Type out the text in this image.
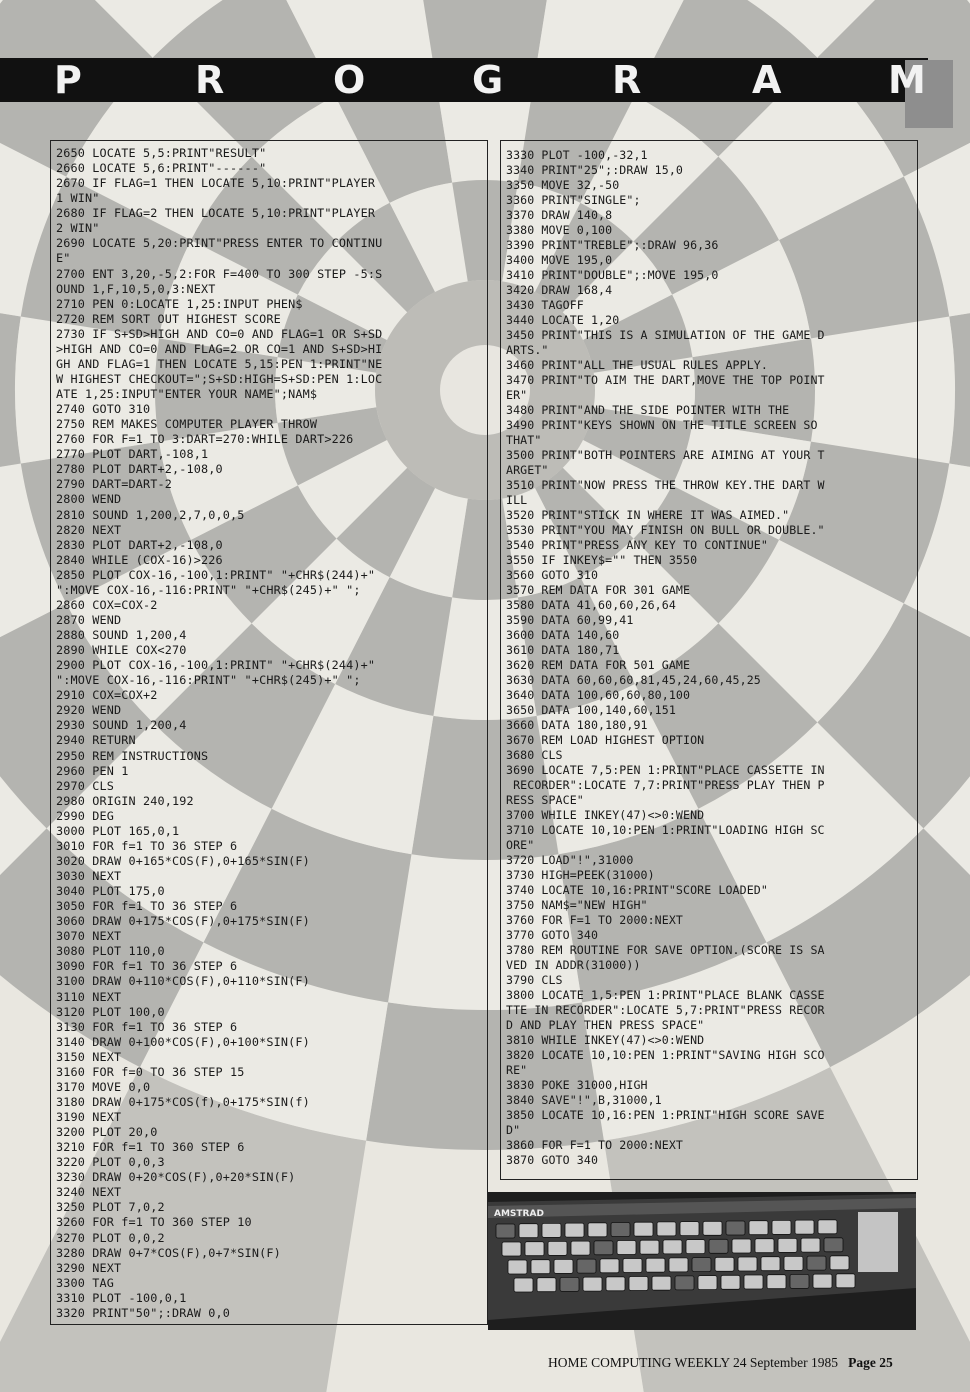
P	R	O	G	R	A	M
2650 LOCATE 5,5:PRINT"RESULT"
2660 LOCATE 5,6:PRINT"------"
2670 IF FLAG=1 THEN LOCATE 5,10:PRINT"PLAYER
1 WIN"
2680 IF FLAG=2 THEN LOCATE 5,10:PRINT"PLAYER
2 WIN"
2690 LOCATE 5,20:PRINT"PRESS ENTER TO CONTINU
E"
2700 ENT 3,20,-5,2:FOR F=400 TO 300 STEP -5:S
OUND 1,F,10,5,0,3:NEXT
2710 PEN 0:LOCATE 1,25:INPUT PHEN$
2720 REM SORT OUT HIGHEST SCORE
2730 IF S+SD>HIGH AND CO=0 AND FLAG=1 OR S+SD
>HIGH AND CO=0 AND FLAG=2 OR CO=1 AND S+SD>HI
GH AND FLAG=1 THEN LOCATE 5,15:PEN 1:PRINT"NE
W HIGHEST CHECKOUT=";S+SD:HIGH=S+SD:PEN 1:LOC
ATE 1,25:INPUT"ENTER YOUR NAME";NAM$
2740 GOTO 310
2750 REM MAKES COMPUTER PLAYER THROW
2760 FOR F=1 TO 3:DART=270:WHILE DART>226
2770 PLOT DART,-108,1
2780 PLOT DART+2,-108,0
2790 DART=DART-2
2800 WEND
2810 SOUND 1,200,2,7,0,0,5
2820 NEXT
2830 PLOT DART+2,-108,0
2840 WHILE (COX-16)>226
2850 PLOT COX-16,-100,1:PRINT" "+CHR$(244)+"
":MOVE COX-16,-116:PRINT" "+CHR$(245)+" ";
2860 COX=COX-2
2870 WEND
2880 SOUND 1,200,4
2890 WHILE COX<270
2900 PLOT COX-16,-100,1:PRINT" "+CHR$(244)+"
":MOVE COX-16,-116:PRINT" "+CHR$(245)+" ";
2910 COX=COX+2
2920 WEND
2930 SOUND 1,200,4
2940 RETURN
2950 REM INSTRUCTIONS
2960 PEN 1
2970 CLS
2980 ORIGIN 240,192
2990 DEG
3000 PLOT 165,0,1
3010 FOR f=1 TO 36 STEP 6
3020 DRAW 0+165*COS(F),0+165*SIN(F)
3030 NEXT
3040 PLOT 175,0
3050 FOR f=1 TO 36 STEP 6
3060 DRAW 0+175*COS(F),0+175*SIN(F)
3070 NEXT
3080 PLOT 110,0
3090 FOR f=1 TO 36 STEP 6
3100 DRAW 0+110*COS(F),0+110*SIN(F)
3110 NEXT
3120 PLOT 100,0
3130 FOR f=1 TO 36 STEP 6
3140 DRAW 0+100*COS(F),0+100*SIN(F)
3150 NEXT
3160 FOR f=0 TO 36 STEP 15
3170 MOVE 0,0
3180 DRAW 0+175*COS(f),0+175*SIN(f)
3190 NEXT
3200 PLOT 20,0
3210 FOR f=1 TO 360 STEP 6
3220 PLOT 0,0,3
3230 DRAW 0+20*COS(F),0+20*SIN(F)
3240 NEXT
3250 PLOT 7,0,2
3260 FOR f=1 TO 360 STEP 10
3270 PLOT 0,0,2
3280 DRAW 0+7*COS(F),0+7*SIN(F)
3290 NEXT
3300 TAG
3310 PLOT -100,0,1
3320 PRINT"50";:DRAW 0,0
3330 PLOT -100,-32,1
3340 PRINT"25";:DRAW 15,0
3350 MOVE 32,-50
3360 PRINT"SINGLE";
3370 DRAW 140,8
3380 MOVE 0,100
3390 PRINT"TREBLE";:DRAW 96,36
3400 MOVE 195,0
3410 PRINT"DOUBLE";:MOVE 195,0
3420 DRAW 168,4
3430 TAGOFF
3440 LOCATE 1,20
3450 PRINT"THIS IS A SIMULATION OF THE GAME D
ARTS."
3460 PRINT"ALL THE USUAL RULES APPLY.
3470 PRINT"TO AIM THE DART,MOVE THE TOP POINT
ER"
3480 PRINT"AND THE SIDE POINTER WITH THE
3490 PRINT"KEYS SHOWN ON THE TITLE SCREEN SO
THAT"
3500 PRINT"BOTH POINTERS ARE AIMING AT YOUR T
ARGET"
3510 PRINT"NOW PRESS THE THROW KEY.THE DART W
ILL
3520 PRINT"STICK IN WHERE IT WAS AIMED."
3530 PRINT"YOU MAY FINISH ON BULL OR DOUBLE."
3540 PRINT"PRESS ANY KEY TO CONTINUE"
3550 IF INKEY$="" THEN 3550
3560 GOTO 310
3570 REM DATA FOR 301 GAME
3580 DATA 41,60,60,26,64
3590 DATA 60,99,41
3600 DATA 140,60
3610 DATA 180,71
3620 REM DATA FOR 501 GAME
3630 DATA 60,60,60,81,45,24,60,45,25
3640 DATA 100,60,60,80,100
3650 DATA 100,140,60,151
3660 DATA 180,180,91
3670 REM LOAD HIGHEST OPTION
3680 CLS
3690 LOCATE 7,5:PEN 1:PRINT"PLACE CASSETTE IN
RECORDER":LOCATE 7,7:PRINT"PRESS PLAY THEN P
RESS SPACE"
3700 WHILE INKEY(47)<>0:WEND
3710 LOCATE 10,10:PEN 1:PRINT"LOADING HIGH SC
ORE"
3720 LOAD"!",31000
3730 HIGH=PEEK(31000)
3740 LOCATE 10,16:PRINT"SCORE LOADED"
3750 NAM$="NEW HIGH"
3760 FOR F=1 TO 2000:NEXT
3770 GOTO 340
3780 REM ROUTINE FOR SAVE OPTION.(SCORE IS SA
VED IN ADDR(31000))
3790 CLS
3800 LOCATE 1,5:PEN 1:PRINT"PLACE BLANK CASSE
TTE IN RECORDER":LOCATE 5,7:PRINT"PRESS RECOR
D AND PLAY THEN PRESS SPACE"
3810 WHILE INKEY(47)<>0:WEND
3820 LOCATE 10,10:PEN 1:PRINT"SAVING HIGH SCO
RE"
3830 POKE 31000,HIGH
3840 SAVE"!",B,31000,1
3850 LOCATE 10,16:PEN 1:PRINT"HIGH SCORE SAVE
D"
3860 FOR F=1 TO 2000:NEXT
3870 GOTO 340
AMSTRAD
HOME COMPUTING WEEKLY 24 September 1985 Page 25
